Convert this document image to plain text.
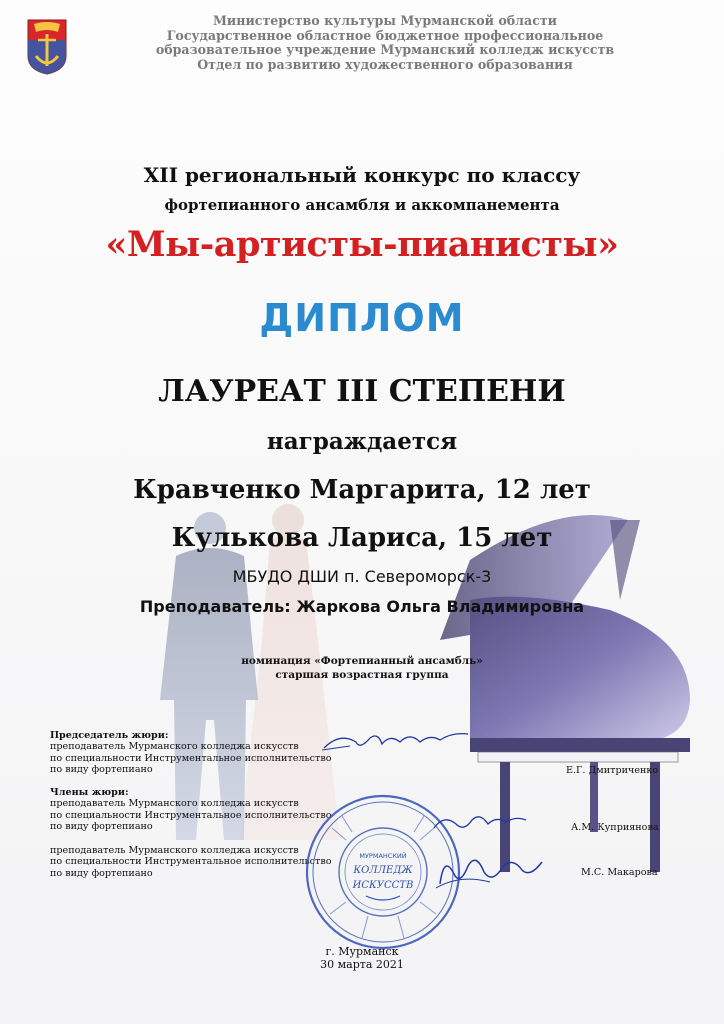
Министерство культуры Мурманской области
Государственное областное бюджетное профессиональное
образовательное учреждение Мурманский колледж искусств
Отдел по развитию художественного образования
XII региональный конкурс по классу
фортепианного ансамбля и аккомпанемента
«Мы-артисты-пианисты»
ДИПЛОМ
ЛАУРЕАТ III СТЕПЕНИ
награждается
Кравченко Маргарита, 12 лет
Кулькова Лариса, 15 лет
МБУДО ДШИ п. Североморск-3
Преподаватель: Жаркова Ольга Владимировна
номинация «Фортепианный ансамбль»
старшая возрастная группа
Председатель жюри:
преподаватель Мурманского колледжа искусств
по специальности Инструментальное исполнительство
по виду фортепиано	Е.Г. Дмитриченко
Члены жюри:
преподаватель Мурманского колледжа искусств
по специальности Инструментальное исполнительство
по виду фортепиано	А.М. Куприянова
преподаватель Мурманского колледжа искусств
по специальности Инструментальное исполнительство
по виду фортепиано	М.С. Макарова
МУРМАНСКИЙ
КОЛЛЕДЖ
ИСКУССТВ
г. Мурманск
30 марта 2021
